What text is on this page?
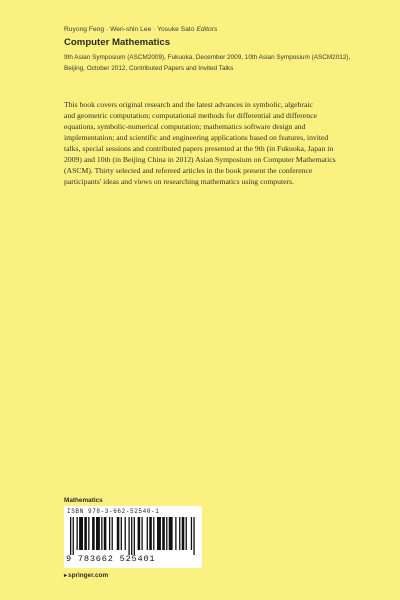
Ruyong Feng · Wen-shin Lee · Yosuke Sato Editors
Computer Mathematics
9th Asian Symposium (ASCM2009), Fukuoka, December 2009, 10th Asian Symposium (ASCM2012),
Beijing, October 2012, Contributed Papers and Invited Talks
This book covers original research and the latest advances in symbolic, algebraic
and geometric computation; computational methods for differential and difference
equations, symbolic-numerical computation; mathematics software design and
implementation; and scientific and engineering applications based on features, invited
talks, special sessions and contributed papers presented at the 9th (in Fukuoka, Japan in
2009) and 10th (in Beijing China in 2012) Asian Symposium on Computer Mathematics
(ASCM). Thirty selected and refereed articles in the book present the conference
participants' ideas and views on researching mathematics using computers.
Mathematics
ISBN 978-3-662-52540-1
9 783662 525401
▸springer.com
